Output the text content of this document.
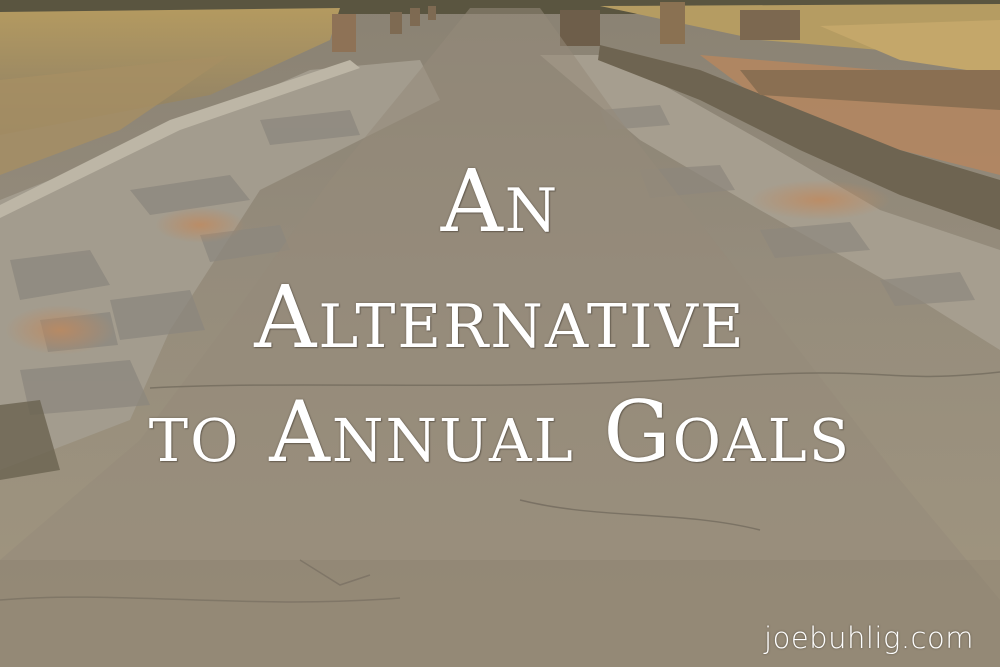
An
Alternative
to Annual Goals
joebuhlig.com
